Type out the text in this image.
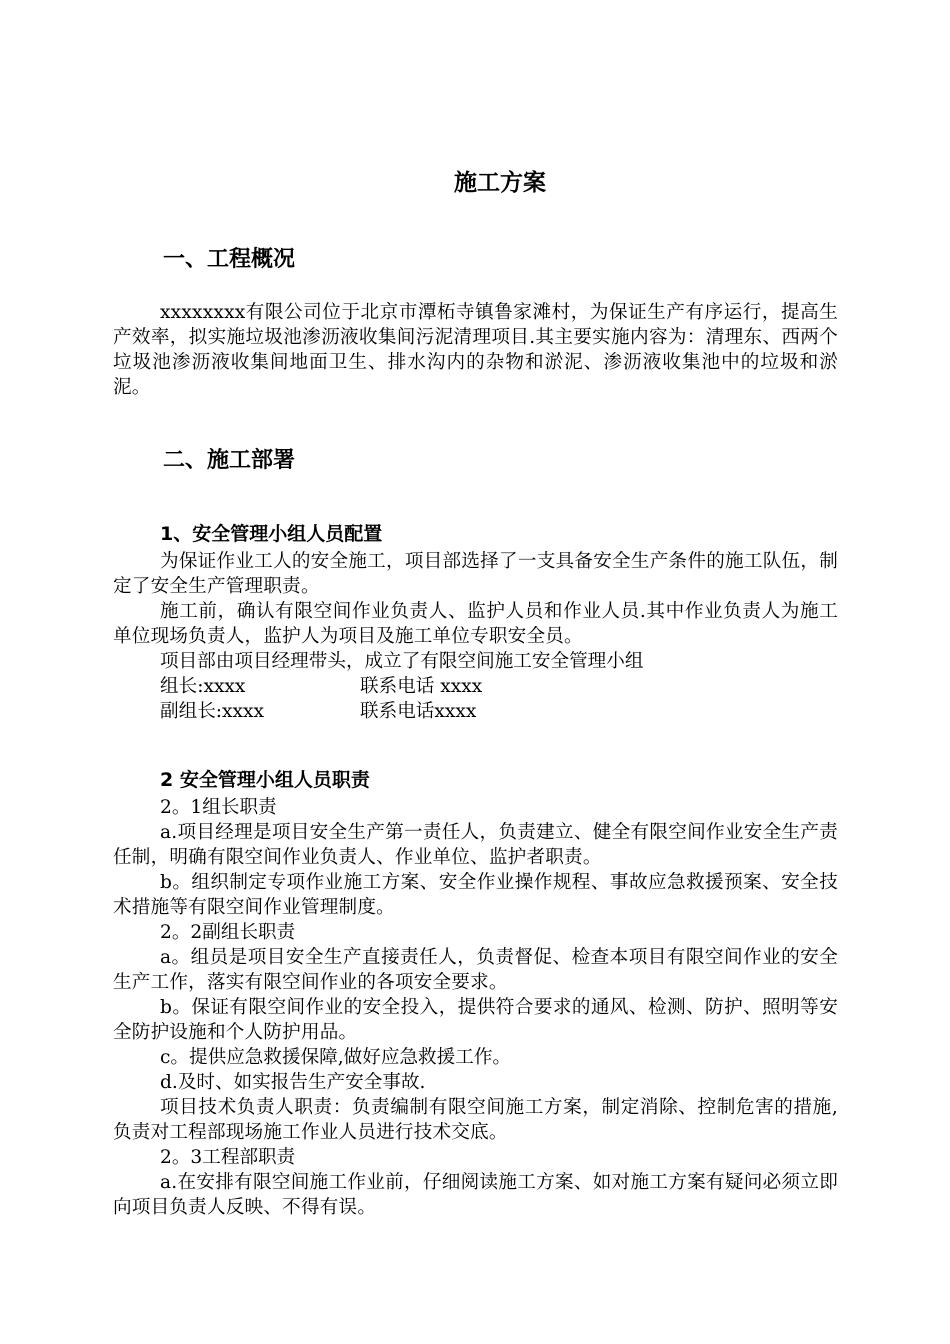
施工方案
一、工程概况
xxxxxxxx有限公司位于北京市潭柘寺镇鲁家滩村，为保证生产有序运行，提高生产效率，拟实施垃圾池渗沥液收集间污泥清理项目.其主要实施内容为：清理东、西两个垃圾池渗沥液收集间地面卫生、排水沟内的杂物和淤泥、渗沥液收集池中的垃圾和淤泥。
二、施工部署
1、安全管理小组人员配置
为保证作业工人的安全施工，项目部选择了一支具备安全生产条件的施工队伍，制定了安全生产管理职责。
施工前，确认有限空间作业负责人、监护人员和作业人员.其中作业负责人为施工单位现场负责人，监护人为项目及施工单位专职安全员。
项目部由项目经理带头，成立了有限空间施工安全管理小组
组长:xxxx	联系电话 xxxx
副组长:xxxx	联系电话xxxx
2 安全管理小组人员职责
2。1组长职责
a.项目经理是项目安全生产第一责任人，负责建立、健全有限空间作业安全生产责任制，明确有限空间作业负责人、作业单位、监护者职责。
b。组织制定专项作业施工方案、安全作业操作规程、事故应急救援预案、安全技术措施等有限空间作业管理制度。
2。2副组长职责
a。组员是项目安全生产直接责任人，负责督促、检查本项目有限空间作业的安全生产工作，落实有限空间作业的各项安全要求。
b。保证有限空间作业的安全投入，提供符合要求的通风、检测、防护、照明等安全防护设施和个人防护用品。
c。提供应急救援保障,做好应急救援工作。
d.及时、如实报告生产安全事故.
项目技术负责人职责：负责编制有限空间施工方案，制定消除、控制危害的措施,负责对工程部现场施工作业人员进行技术交底。
2。3工程部职责
a.在安排有限空间施工作业前，仔细阅读施工方案、如对施工方案有疑问必须立即向项目负责人反映、不得有误。
